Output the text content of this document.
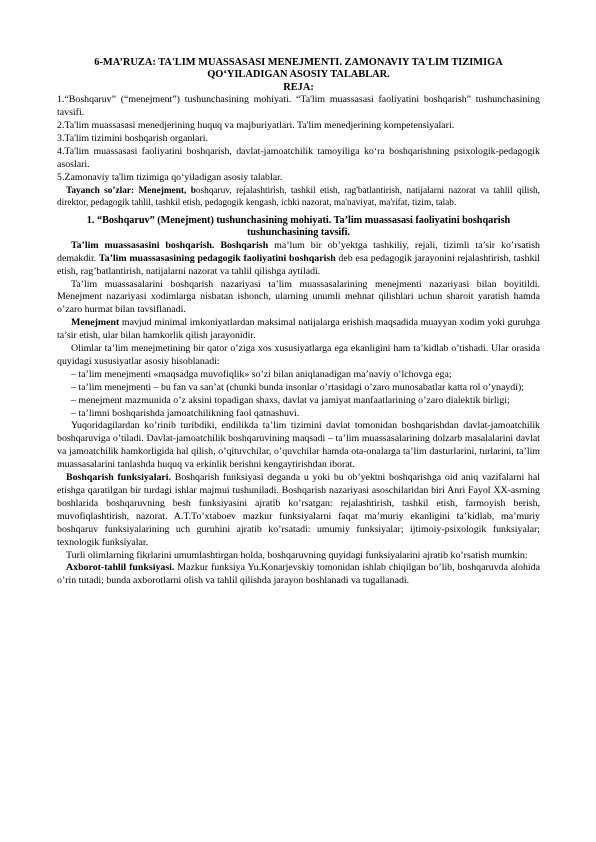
6-MA’RUZA: TA'LIM MUASSASASI MENEJMENTI. ZAMONAVIY TA'LIM TIZIMIGA QO‘YILADIGAN ASOSIY TALABLAR.
REJA:

1.“Boshqaruv” (“menejment”) tushunchasining mohiyati. “Ta'lim muassasasi faoliyatini boshqarish” tushunchasining tavsifi.

2.Ta'lim muassasasi menedjerining huquq va majburiyatlari. Ta'lim menedjerining kompetensiyalari.

3.Ta'lim tizimini boshqarish organlari.

4.Ta'lim muassasasi faoliyatini boshqarish, davlat-jamoatchilik tamoyiliga ko‘ra boshqarishning psixologik-pedagogik asoslari.

5.Zamonaviy ta'lim tizimiga qo‘yiladigan asosiy talablar.

Tayanch so’zlar: Menejment, boshqaruv, rejalashtirish, tashkil etish, rag'batlantirish, natijalarni nazorat va tahlil qilish, direktor, pedagogik tahlil, tashkil etish, pedagogik kengash, ichki nazorat, ma'naviyat, ma'rifat, tizim, talab.

1. “Boshqaruv” (Menejment) tushunchasining mohiyati. Ta’lim muassasasi faoliyatini boshqarish tushunchasining tavsifi.

Ta’lim muassasasini boshqarish. Boshqarish ma’lum bir ob’yektga tashkiliy, rejali, tizimli ta’sir ko’rsatish demakdir. Ta’lim muassasasining pedagogik faoliyatini boshqarish deb esa pedagogik jarayonini rejalashtirish, tashkil etish, rag’batlantirish, natijalarni nazorat va tahlil qilishga aytiladi.

Ta’lim muassasalarini boshqarish nazariyasi ta’lim muassasalarining menejmenti nazariyasi bilan boyitildi. Menejment nazariyasi xodimlarga nisbatan ishonch, ularning unumli mehnat qilishlari uchun sharoit yaratish hamda o’zaro hurmat bilan tavsiflanadi.

Menejment mavjud minimal imkoniyatlardan maksimal natijalarga erishish maqsadida muayyan xodim yoki guruhga ta’sir etish, ular bilan hamkorlik qilish jarayonidir.

Olimlar ta’lim menejmetining bir qator o’ziga xos xususiyatlarga ega ekanligini ham ta’kidlab o’tishadi. Ular orasida quyidagi xususiyatlar asosiy hisoblanadi:

– ta’lim menejmenti «maqsadga muvofiqlik» so’zi bilan aniqlanadigan ma’naviy o’lchovga ega;

– ta’lim menejmenti – bu fan va san’at (chunki bunda insonlar o’rtasidagi o’zaro munosabatlar katta rol o’ynaydi);

– menejment mazmunida o’z aksini topadigan shaxs, davlat va jamiyat manfaatlarining o’zaro dialektik birligi;

– ta’limni boshqarishda jamoatchilikning faol qatnashuvi.

Yuqoridagilardan ko’rinib turibdiki, endilikda ta’lim tizimini davlat tomonidan boshqarishdan davlat-jamoatchilik boshqaruviga o’tiladi. Davlat-jamoatchilik boshqaruvining maqsadi – ta’lim muassasalarining dolzarb masalalarini davlat va jamoatchilik hamkorligida hal qilish, o’qituvchilar, o’quvchilar hamda ota-onalarga ta’lim dasturlarini, turlarini, ta’lim muassasalarini tanlashda huquq va erkinlik berishni kengaytirishdan iborat.

Boshqarish funksiyalari. Boshqarish funksiyasi deganda u yoki bu ob’yektni boshqarishga oid aniq vazifalarni hal etishga qaratilgan bir turdagi ishlar majmui tushuniladi. Boshqarish nazariyasi asoschilaridan biri Anri Fayol XX-asrning boshlarida boshqaruvning besh funksiyasini ajratib ko’rsatgan: rejalashtirish, tashkil etish, farmoyish berish, muvofiqlashtirish, nazorat. A.T.To’xtaboev mazkur funksiyalarni faqat ma’muriy ekanligini ta’kidlab, ma’muriy boshqaruv funksiyalarining uch guruhini ajratib ko’rsatadi: umumiy funksiyalar; ijtimoiy-psixologik funksiyalar; texnologik funksiyalar.

Turli olimlarning fikrlarini umumlashtirgan holda, boshqaruvning quyidagi funksiyalarini ajratib ko’rsatish mumkin:

Axborot-tahlil funksiyasi. Mazkur funksiya Yu.Konarjevskiy tomonidan ishlab chiqilgan bo’lib, boshqaruvda alohida o’rin tutadi; bunda axborotlarni olish va tahlil qilishda jarayon boshlanadi va tugallanadi.
